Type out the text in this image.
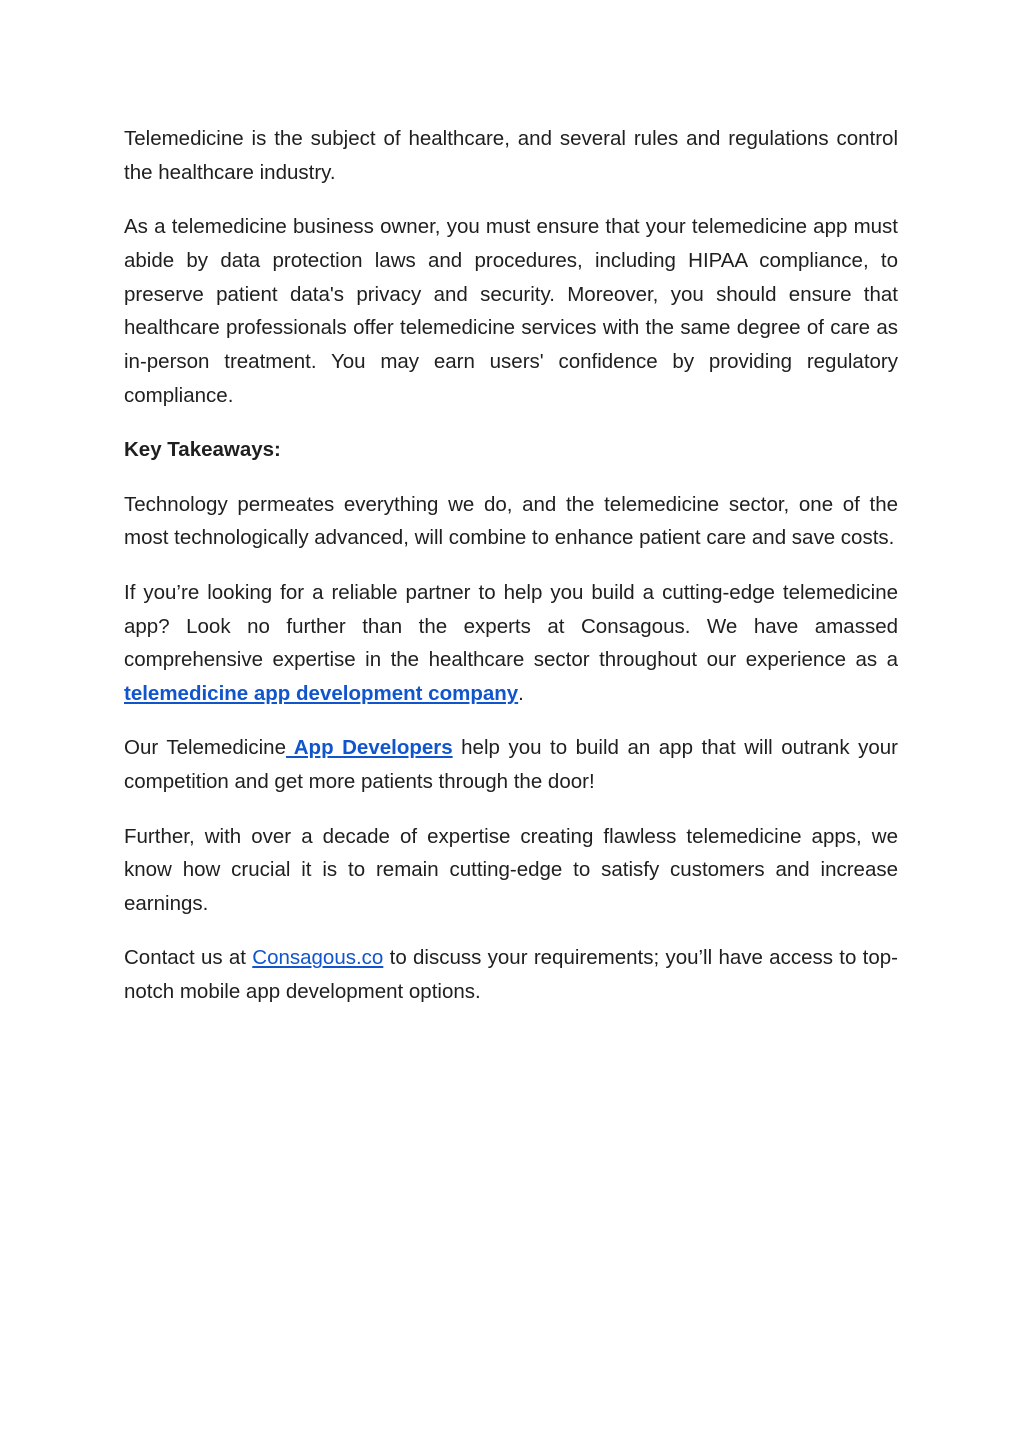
Telemedicine is the subject of healthcare, and several rules and regulations control the healthcare industry.

As a telemedicine business owner, you must ensure that your telemedicine app must abide by data protection laws and procedures, including HIPAA compliance, to preserve patient data's privacy and security. Moreover, you should ensure that healthcare professionals offer telemedicine services with the same degree of care as in-person treatment. You may earn users' confidence by providing regulatory compliance.

Key Takeaways:

Technology permeates everything we do, and the telemedicine sector, one of the most technologically advanced, will combine to enhance patient care and save costs.

If you’re looking for a reliable partner to help you build a cutting-edge telemedicine app? Look no further than the experts at Consagous. We have amassed comprehensive expertise in the healthcare sector throughout our experience as a telemedicine app development company.

Our Telemedicine App Developers help you to build an app that will outrank your competition and get more patients through the door!

Further, with over a decade of expertise creating flawless telemedicine apps, we know how crucial it is to remain cutting-edge to satisfy customers and increase earnings.

Contact us at Consagous.co to discuss your requirements; you’ll have access to top-notch mobile app development options.
